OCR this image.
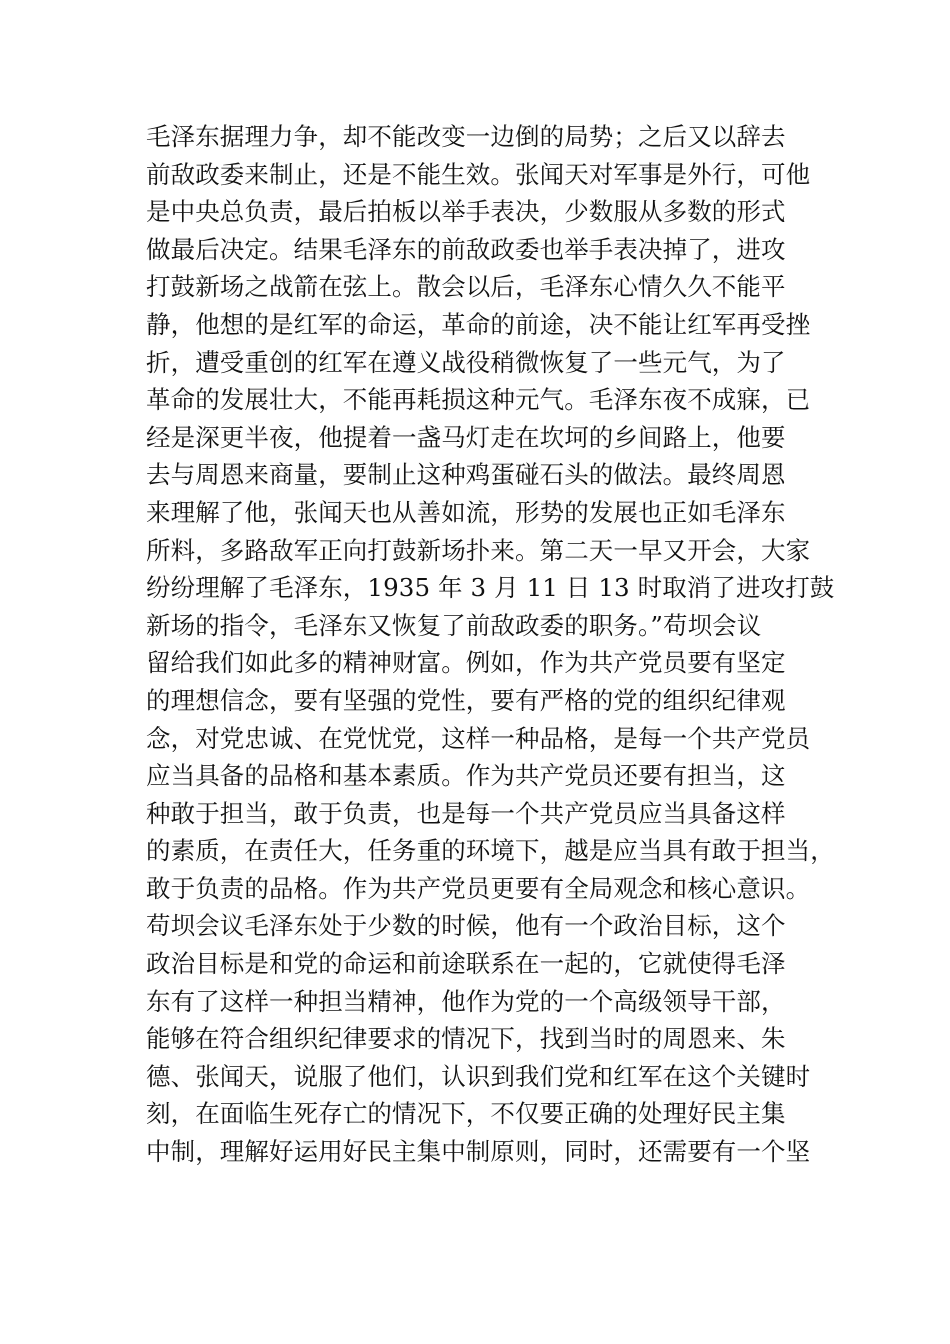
毛泽东据理力争，却不能改变一边倒的局势；之后又以辞去
前敌政委来制止，还是不能生效。张闻天对军事是外行，可他
是中央总负责，最后拍板以举手表决，少数服从多数的形式
做最后决定。结果毛泽东的前敌政委也举手表决掉了，进攻
打鼓新场之战箭在弦上。散会以后，毛泽东心情久久不能平
静，他想的是红军的命运，革命的前途，决不能让红军再受挫
折，遭受重创的红军在遵义战役稍微恢复了一些元气，为了
革命的发展壮大，不能再耗损这种元气。毛泽东夜不成寐，已
经是深更半夜，他提着一盏马灯走在坎坷的乡间路上，他要
去与周恩来商量，要制止这种鸡蛋碰石头的做法。最终周恩
来理解了他，张闻天也从善如流，形势的发展也正如毛泽东
所料，多路敌军正向打鼓新场扑来。第二天一早又开会，大家
纷纷理解了毛泽东，1935 年 3 月 11 日 13 时取消了进攻打鼓
新场的指令，毛泽东又恢复了前敌政委的职务。”苟坝会议
留给我们如此多的精神财富。例如，作为共产党员要有坚定
的理想信念，要有坚强的党性，要有严格的党的组织纪律观
念，对党忠诚、在党忧党，这样一种品格，是每一个共产党员
应当具备的品格和基本素质。作为共产党员还要有担当，这
种敢于担当，敢于负责，也是每一个共产党员应当具备这样
的素质，在责任大，任务重的环境下，越是应当具有敢于担当，
敢于负责的品格。作为共产党员更要有全局观念和核心意识。
苟坝会议毛泽东处于少数的时候，他有一个政治目标，这个
政治目标是和党的命运和前途联系在一起的，它就使得毛泽
东有了这样一种担当精神，他作为党的一个高级领导干部，
能够在符合组织纪律要求的情况下，找到当时的周恩来、朱
德、张闻天，说服了他们，认识到我们党和红军在这个关键时
刻，在面临生死存亡的情况下，不仅要正确的处理好民主集
中制，理解好运用好民主集中制原则，同时，还需要有一个坚
